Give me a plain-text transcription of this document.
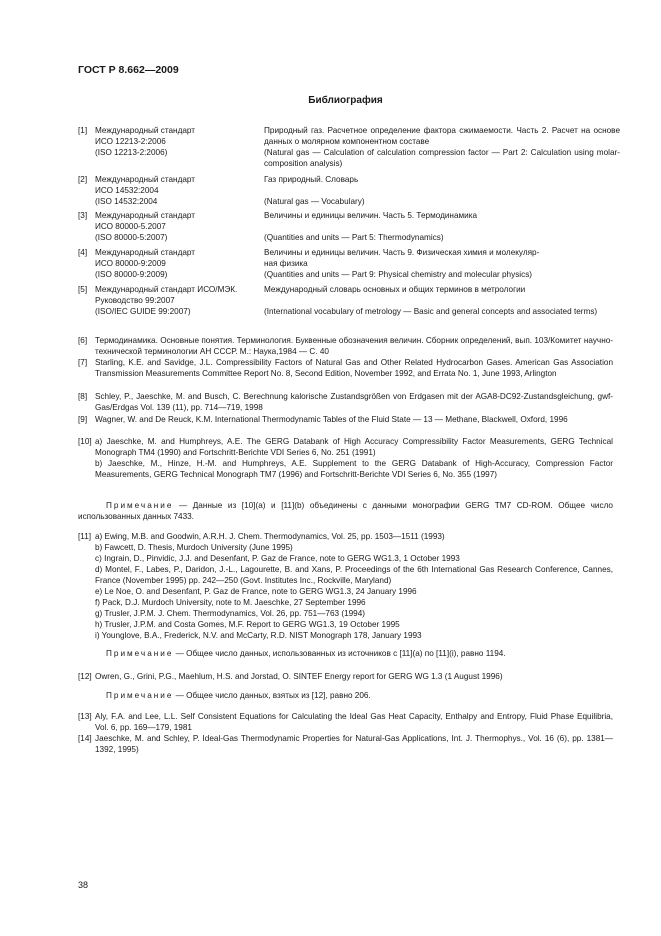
ГОСТ Р 8.662—2009
Библиография
[1] Международный стандарт

ИСО 12213-2:2006

(ISO 12213-2:2006)

Природный газ. Расчетное определение фактора сжимаемости. Часть 2. Расчет на основе данных о молярном компонентном составе

(Natural gas — Calculation of calculation compression factor — Part 2: Calculation using molar-composition analysis)

[2] Международный стандарт

ИСО 14532:2004

(ISO 14532:2004

Газ природный. Словарь

(Natural gas — Vocabulary)

[3] Международный стандарт

ИСО 80000-5.2007

(ISO 80000-5:2007)

Величины и единицы величин. Часть 5. Термодинамика

(Quantities and units — Part 5: Thermodynamics)

[4] Международный стандарт

ИСО 80000-9:2009

(ISO 80000-9:2009)

Величины и единицы величин. Часть 9. Физическая химия и молекуляр-

ная физика

(Quantities and units — Part 9: Physical chemistry and molecular physics)

[5] Международный стандарт ИСО/МЭК.

Руководство 99:2007

(ISO/IEC GUIDE 99:2007)

Международный словарь основных и общих терминов в метрологии

(International vocabulary of metrology — Basic and general concepts and associated terms)

[6] Термодинамика. Основные понятия. Терминология. Буквенные обозначения величин. Сборник определений, вып. 103/Комитет научно-технической терминологии АН СССР. М.: Наука,1984 — С. 40
[7] Starling, K.E. and Savidge, J.L. Compressibility Factors of Natural Gas and Other Related Hydrocarbon Gases. American Gas Association Transmission Measurements Committee Report No. 8, Second Edition, November 1992, and Errata No. 1, June 1993, Arlington
[8] Schley, P., Jaeschke, M. and Busch, C. Berechnung kalorische Zustandsgrößen von Erdgasen mit der AGA8-DC92-Zustandsgleichung, gwf-Gas/Erdgas Vol. 139 (11), pp. 714—719, 1998
[9] Wagner, W. and De Reuck, K.M. International Thermodynamic Tables of the Fluid State — 13 — Methane, Blackwell, Oxford, 1996
[10] a) Jaeschke, M. and Humphreys, A.E. The GERG Databank of High Accuracy Compressibility Factor Measurements, GERG Technical Monograph TM4 (1990) and Fortschritt-Berichte VDI Series 6, No. 251 (1991)

b) Jaeschke, M., Hinze, H.-M. and Humphreys, A.E. Supplement to the GERG Databank of High-Accuracy, Compression Factor Measurements, GERG Technical Monograph TM7 (1996) and Fortschritt-Berichte VDI Series 6, No. 355 (1997)

Примечание — Данные из [10](a) и [11](b) объединены с данными монографии GERG TM7 CD-ROM. Общее число использованных данных 7433.
[11] a) Ewing, M.B. and Goodwin, A.R.H. J. Chem. Thermodynamics, Vol. 25, pp. 1503—1511 (1993)

b) Fawcett, D. Thesis, Murdoch University (June 1995)

c) Ingrain, D., Pinvidic, J.J. and Desenfant, P. Gaz de France, note to GERG WG1.3, 1 October 1993

d) Montel, F., Labes, P., Daridon, J.-L., Lagourette, B. and Xans, P. Proceedings of the 6th International Gas Research Conference, Cannes, France (November 1995) pp. 242—250 (Govt. Institutes Inc., Rockville, Maryland)

e) Le Noe, O. and Desenfant, P. Gaz de France, note to GERG WG1.3, 24 January 1996

f) Pack, D.J. Murdoch University, note to M. Jaeschke, 27 September 1996

g) Trusler, J.P.M. J. Chem. Thermodynamics, Vol. 26, pp. 751—763 (1994)

h) Trusler, J.P.M. and Costa Gomes, M.F. Report to GERG WG1.3, 19 October 1995

i) Younglove, B.A., Frederick, N.V. and McCarty, R.D. NIST Monograph 178, January 1993

Примечание — Общее число данных, использованных из источников с [11](a) по [11](i), равно 1194.
[12] Owren, G., Grini, P.G., Maehlum, H.S. and Jorstad, O. SINTEF Energy report for GERG WG 1.3 (1 August 1996)
Примечание — Общее число данных, взятых из [12], равно 206.
[13] Aly, F.A. and Lee, L.L. Self Consistent Equations for Calculating the Ideal Gas Heat Capacity, Enthalpy and Entropy, Fluid Phase Equilibria, Vol. 6, pp. 169—179, 1981
[14] Jaeschke, M. and Schley, P. Ideal-Gas Thermodynamic Properties for Natural-Gas Applications, Int. J. Thermophys., Vol. 16 (6), pp. 1381—1392, 1995)
38
